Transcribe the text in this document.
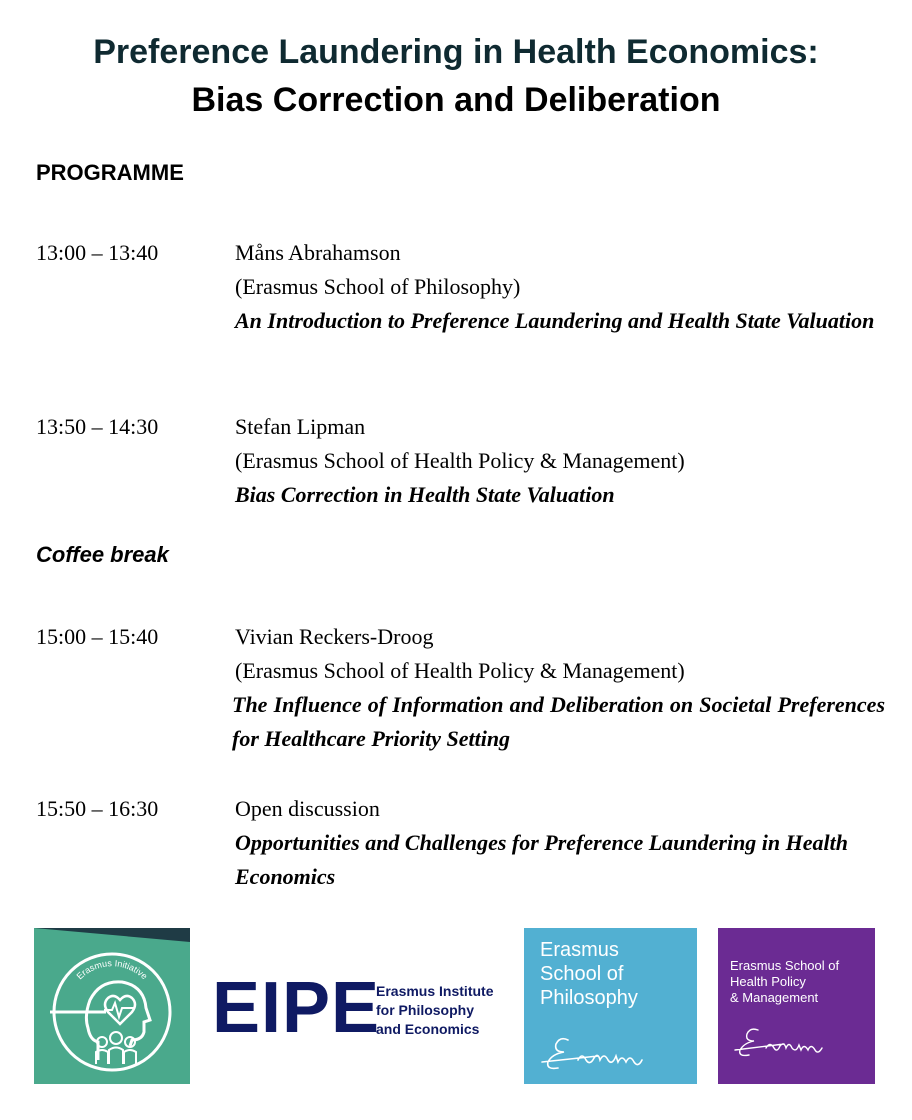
Preference Laundering in Health Economics:
Bias Correction and Deliberation
PROGRAMME
13:00 – 13:40	Måns Abrahamson
(Erasmus School of Philosophy)
An Introduction to Preference Laundering and Health State Valuation
13:50 – 14:30	Stefan Lipman
(Erasmus School of Health Policy & Management)
Bias Correction in Health State Valuation
Coffee break
15:00 – 15:40	Vivian Reckers-Droog
(Erasmus School of Health Policy & Management)
The Influence of Information and Deliberation on Societal Preferences for Healthcare Priority Setting
15:50 – 16:30	Open discussion
Opportunities and Challenges for Preference Laundering in Health Economics
Erasmus Initiative EIPE
Erasmus Institute
for Philosophy
and Economics
Erasmus
School of
Philosophy
Erasmus School of
Health Policy
& Management
